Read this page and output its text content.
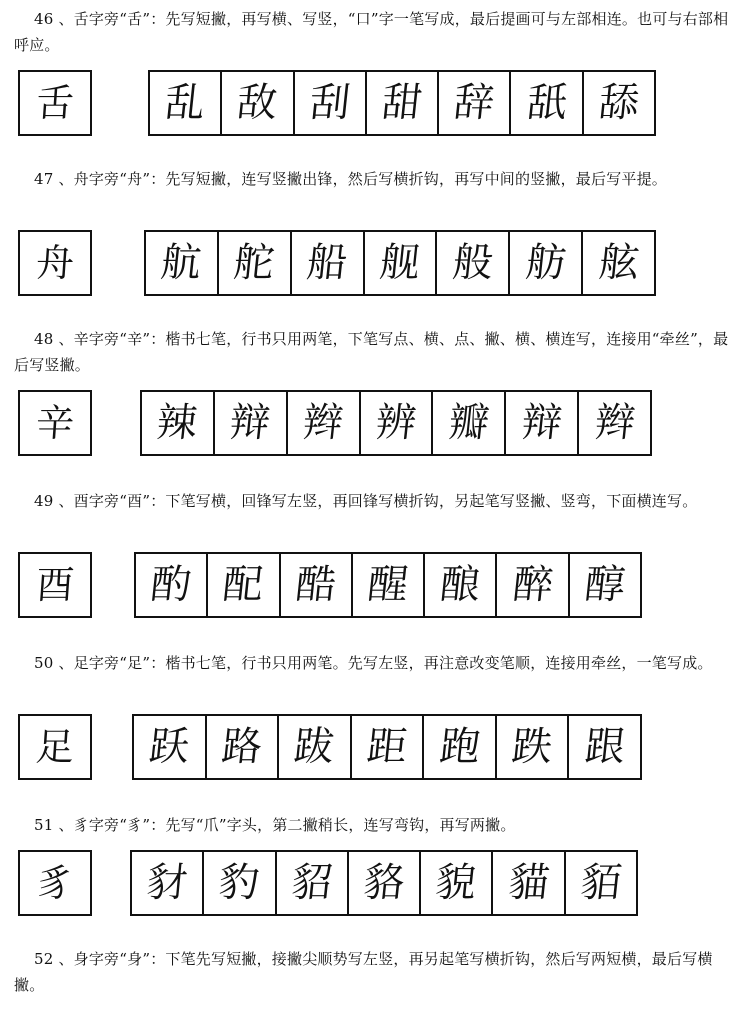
46 、舌字旁“舌”：先写短撇，再写横、写竖，“口”字一笔写成，最后提画可与左部相连。也可与右部相呼应。

舌 乱 敌 刮 甜 辞 舐 舔

47 、舟字旁“舟”：先写短撇，连写竖撇出锋，然后写横折钩，再写中间的竖撇，最后写平提。

舟 航 舵 船 舰 般 舫 舷

48 、辛字旁“辛”：楷书七笔，行书只用两笔，下笔写点、横、点、撇、横、横连写，连接用“牵丝”，最后写竖撇。

辛 辣 辩 辫 辨 瓣 辩 辫

49 、酉字旁“酉”：下笔写横，回锋写左竖，再回锋写横折钩，另起笔写竖撇、竖弯，下面横连写。

酉 酌 配 酷 醒 酿 醉 醇

50 、足字旁“足”：楷书七笔，行书只用两笔。先写左竖，再注意改变笔顺，连接用牵丝，一笔写成。

足 跃 路 跋 距 跑 跌 跟

51 、豸字旁“豸”：先写“爪”字头，第二撇稍长，连写弯钩，再写两撇。

豸 豺 豹 貂 貉 貌 貓 貊

52 、身字旁“身”：下笔先写短撇，接撇尖顺势写左竖，再另起笔写横折钩，然后写两短横，最后写横撇。
